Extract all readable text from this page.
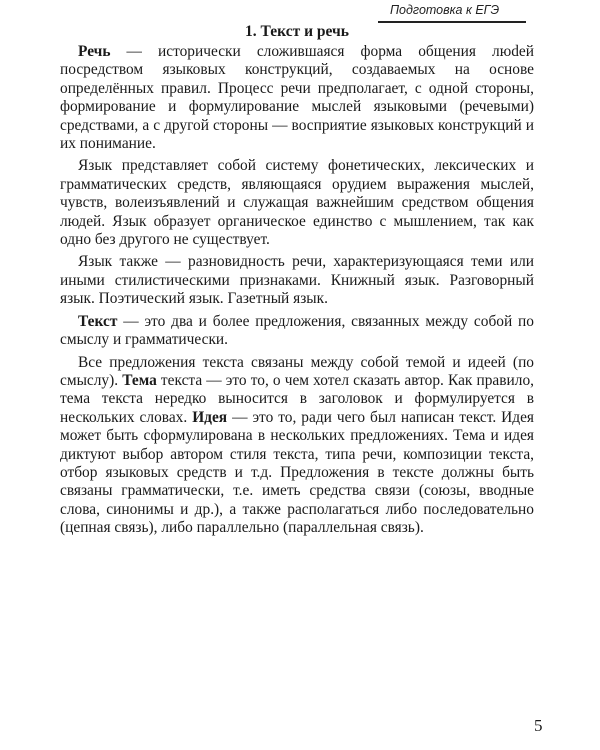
Подготовка к ЕГЭ
1. Текст и речь

Речь — исторически сложившаяся форма общения люdей посредством языковых конструкций, создаваемых на основе определённых правил. Процесс речи предполагает, с одной стороны, формирование и формулирование мыслей языковыми (речевыми) средствами, а с другой стороны — восприятие языковых конструкций и их понимание.

Язык представляет собой систему фонетических, лексических и грамматических средств, являющаяся орудием выражения мыслей, чувств, волеизъявлений и служащая важнейшим средством общения людей. Язык образует органическое единство с мышлением, так как одно без другого не существует.

Язык также — разновидность речи, характеризующаяся теми или иными стилистическими признаками. Книжный язык. Разговорный язык. Поэтический язык. Газетный язык.

Текст — это два и более предложения, связанных между собой по смыслу и грамматически.

Все предложения текста связаны между собой темой и идеей (по смыслу). Тема текста — это то, о чем хотел сказать автор. Как правило, тема текста нередко выносится в заголовок и формулируется в нескольких словах. Идея — это то, ради чего был написан текст. Идея может быть сформулирована в нескольких предложениях. Тема и идея диктуют выбор автором стиля текста, типа речи, композиции текста, отбор языковых средств и т.д. Предложения в тексте должны быть связаны грамматически, т.е. иметь средства связи (союзы, вводные слова, синонимы и др.), а также располагаться либо последовательно (цепная связь), либо параллельно (параллельная связь).

5
